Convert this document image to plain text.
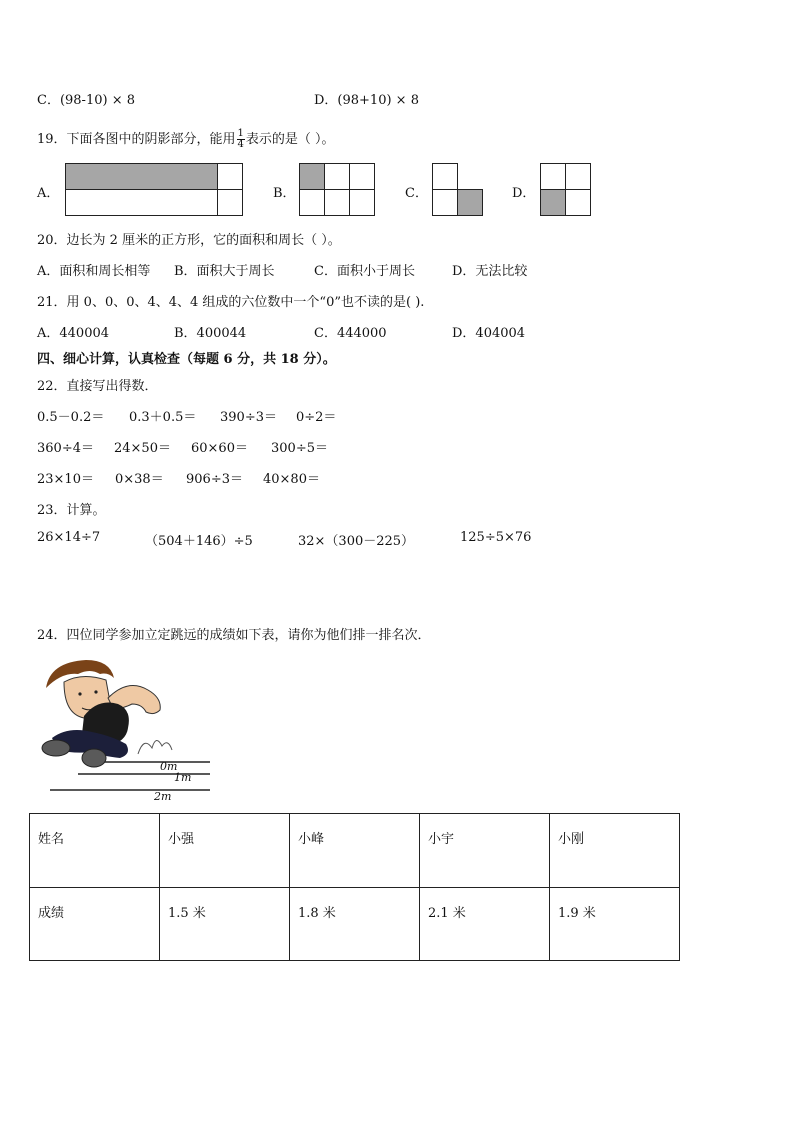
C．(98-10) × 8	D．(98+10) × 8
19．下面各图中的阴影部分，能用 $\frac{1}{4}$ 表示的是（ ）。
A．	B．	C．	D．
20．边长为 2 厘米的正方形，它的面积和周长（ ）。
A．面积和周长相等 B．面积大于周长	C．面积小于周长	D．无法比较
21．用 0、0、0、4、4、4 组成的六位数中一个“0”也不读的是( ).
A．440004	B．400044	C．444000	D．404004
四、细心计算，认真检查（每题 6 分，共 18 分）。
22．直接写出得数．
0.5－0.2＝ 0.3＋0.5＝ 390÷3＝ 0÷2＝
360÷4＝ 24×50＝ 60×60＝ 300÷5＝
23×10＝ 0×38＝ 906÷3＝ 40×80＝
23．计算。
26×14÷7	（504＋146）÷5	32×（300－225）	125÷5×76
24．四位同学参加立定跳远的成绩如下表，请你为他们排一排名次．
0m
1m
2m
姓名	小强	小峰	小宇	小刚
成绩	1.5 米	1.8 米	2.1 米	1.9 米
